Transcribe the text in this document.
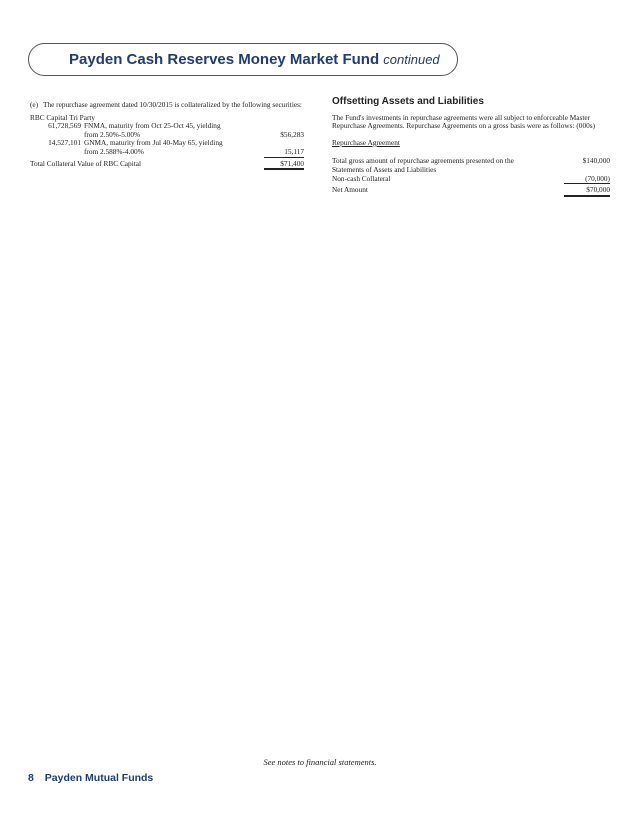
Payden Cash Reserves Money Market Fund continued
(e) The repurchase agreement dated 10/30/2015 is collateralized by the following securities:
RBC Capital Tri Party
61,728,569 FNMA, maturity from Oct 25-Oct 45, yielding
from 2.50%-5.00%	$56,283
14,527,101 GNMA, maturity from Jul 40-May 65, yielding
from 2.588%-4.00%	15,117
Total Collateral Value of RBC Capital	$71,400
Offsetting Assets and Liabilities
The Fund's investments in repurchase agreements were all subject to enforceable Master Repurchase Agreements. Repurchase Agreements on a gross basis were as follows: (000s)
Repurchase Agreement
Total gross amount of repurchase agreements presented on the Statements of Assets and Liabilities
$140,000
Non-cash Collateral	(70,000)
Net Amount	$70,000
See notes to financial statements.
8 Payden Mutual Funds
